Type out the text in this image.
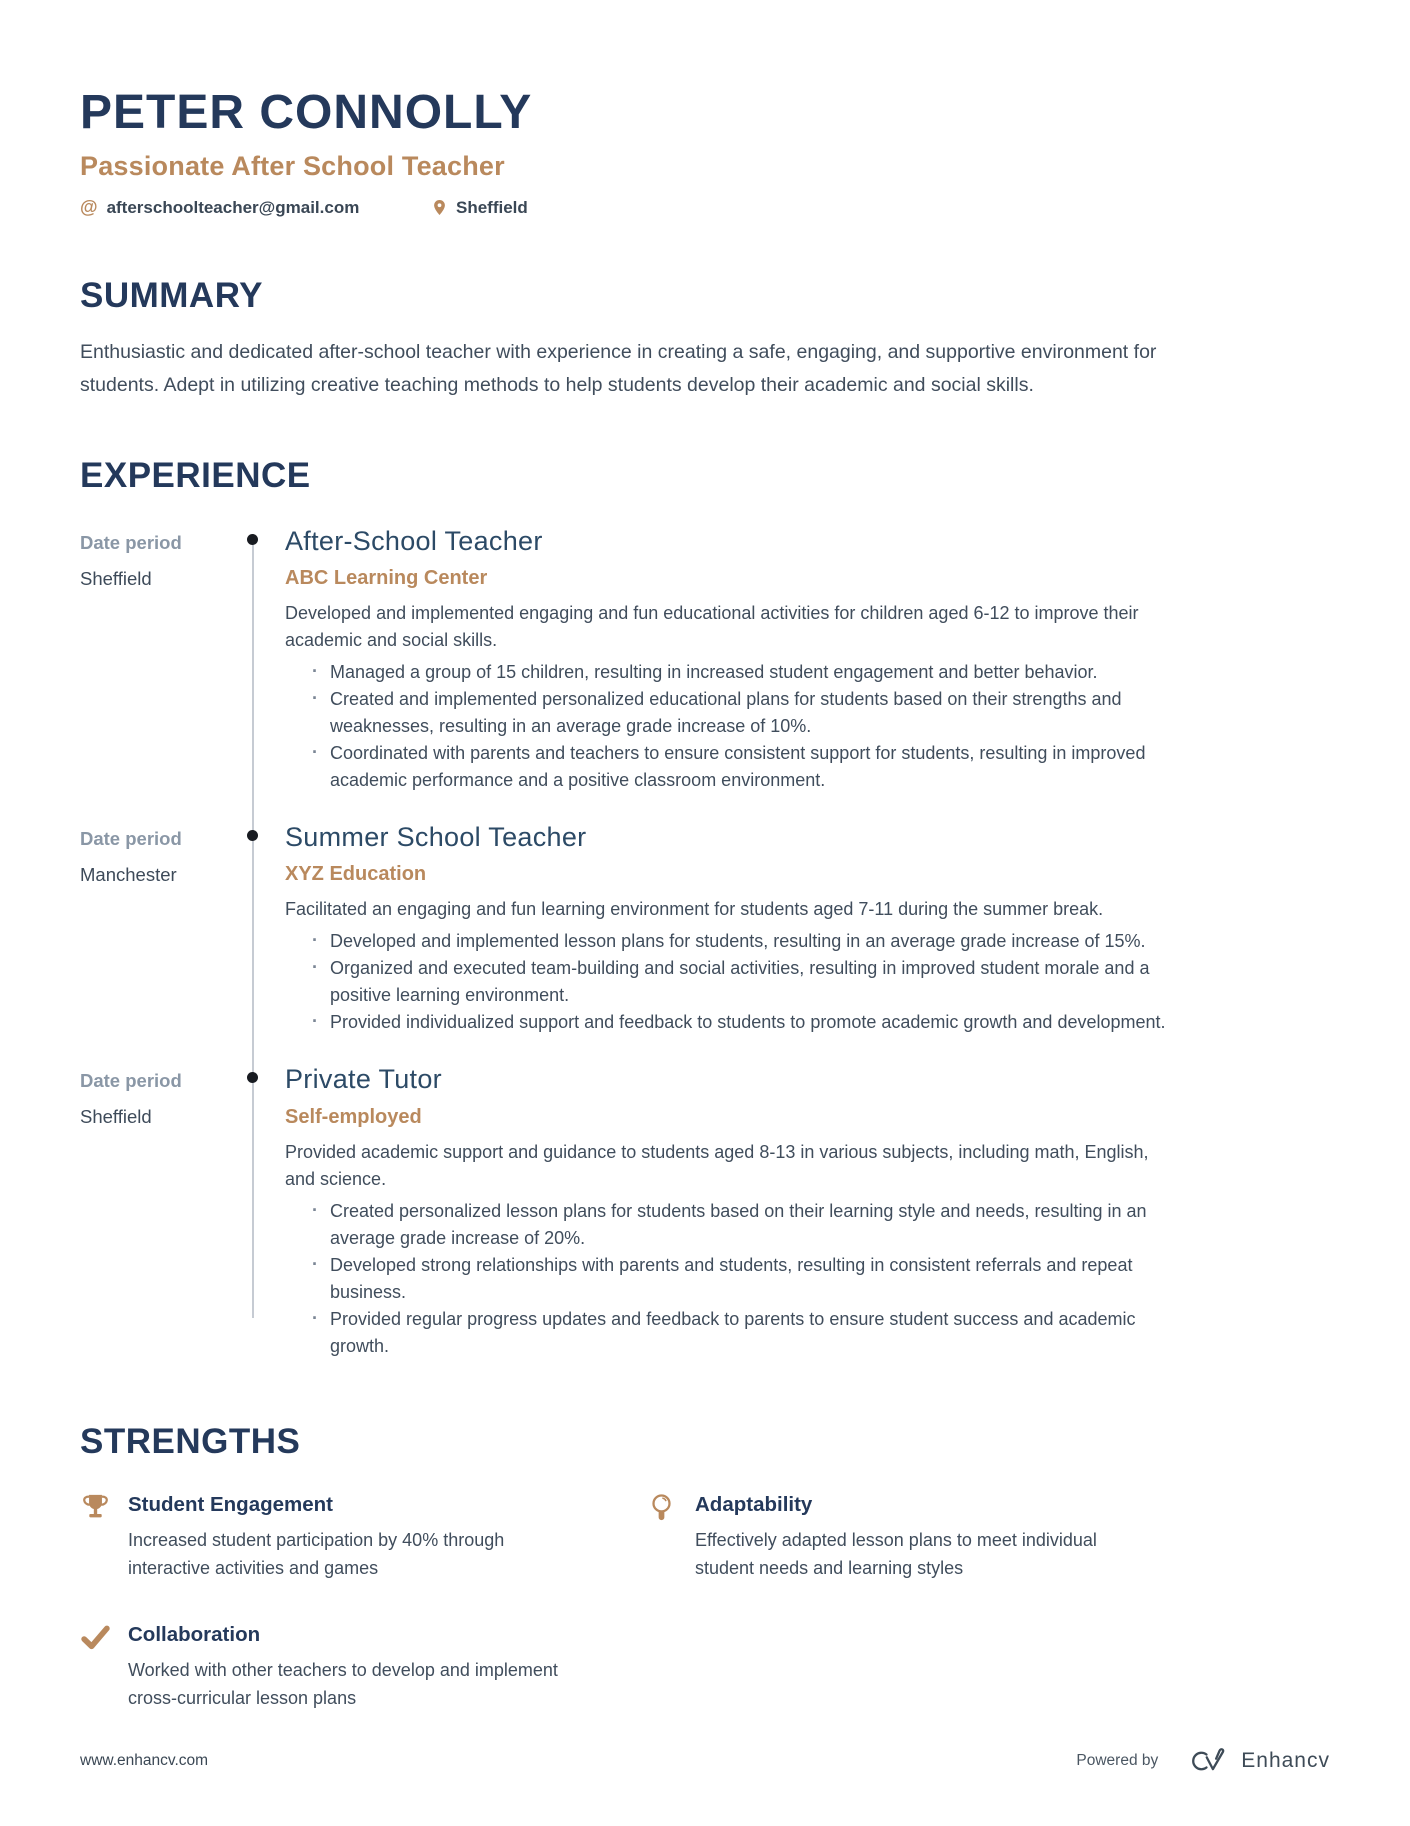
PETER CONNOLLY
Passionate After School Teacher
@ afterschoolteacher@gmail.com	Sheffield
SUMMARY

Enthusiastic and dedicated after-school teacher with experience in creating a safe, engaging, and supportive environment for students. Adept in utilizing creative teaching methods to help students develop their academic and social skills.

EXPERIENCE
Date period
Sheffield
After-School Teacher
ABC Learning Center

Developed and implemented engaging and fun educational activities for children aged 6-12 to improve their academic and social skills.

· Managed a group of 15 children, resulting in increased student engagement and better behavior.
· Created and implemented personalized educational plans for students based on their strengths and weaknesses, resulting in an average grade increase of 10%.
· Coordinated with parents and teachers to ensure consistent support for students, resulting in improved academic performance and a positive classroom environment.
Date period
Manchester
Summer School Teacher
XYZ Education

Facilitated an engaging and fun learning environment for students aged 7-11 during the summer break.

· Developed and implemented lesson plans for students, resulting in an average grade increase of 15%.
· Organized and executed team-building and social activities, resulting in improved student morale and a positive learning environment.
· Provided individualized support and feedback to students to promote academic growth and development.
Date period
Sheffield
Private Tutor
Self-employed

Provided academic support and guidance to students aged 8-13 in various subjects, including math, English, and science.

· Created personalized lesson plans for students based on their learning style and needs, resulting in an average grade increase of 20%.
· Developed strong relationships with parents and students, resulting in consistent referrals and repeat business.
· Provided regular progress updates and feedback to parents to ensure student success and academic growth.
STRENGTHS
Student Engagement
Increased student participation by 40% through interactive activities and games
Adaptability
Effectively adapted lesson plans to meet individual student needs and learning styles
Collaboration
Worked with other teachers to develop and implement cross-curricular lesson plans
www.enhancv.com	Powered by	Enhancv
